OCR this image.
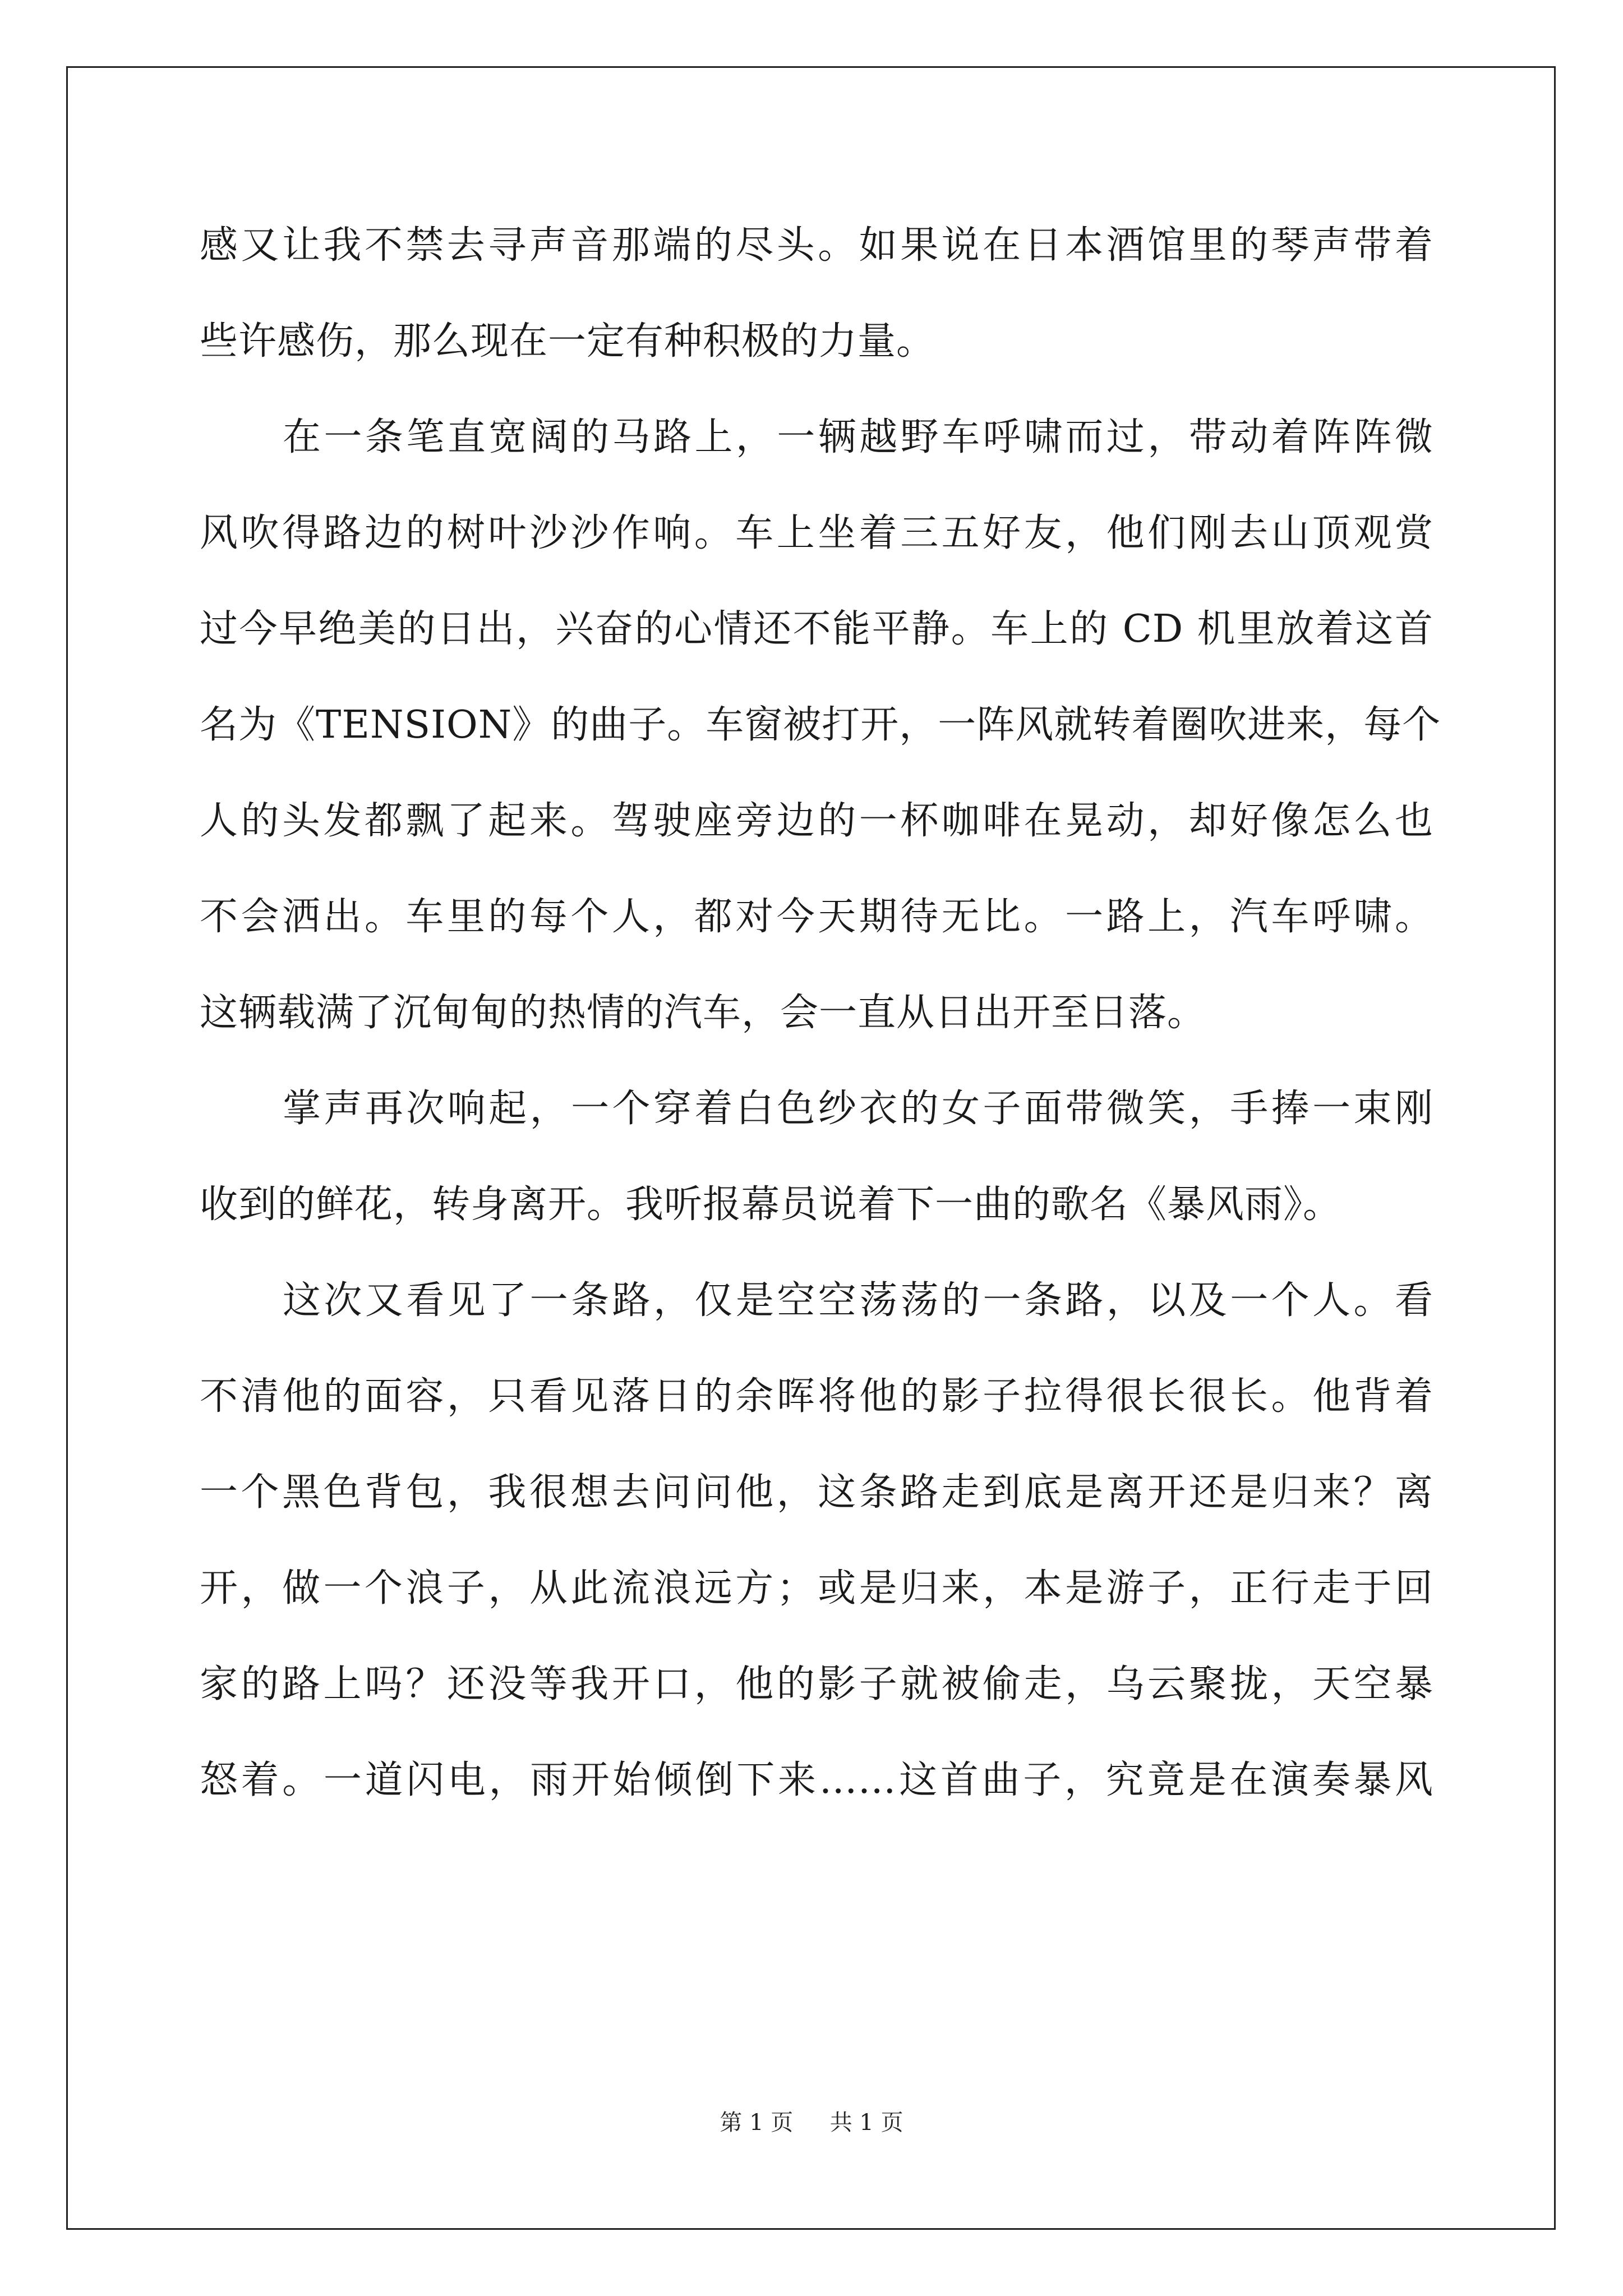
感又让我不禁去寻声音那端的尽头。如果说在日本酒馆里的琴声带着
些许感伤，那么现在一定有种积极的力量。
在一条笔直宽阔的马路上，一辆越野车呼啸而过，带动着阵阵微
风吹得路边的树叶沙沙作响。车上坐着三五好友，他们刚去山顶观赏
过今早绝美的日出，兴奋的心情还不能平静。车上的 CD 机里放着这首
名为《TENSION》的曲子。车窗被打开，一阵风就转着圈吹进来，每个
人的头发都飘了起来。驾驶座旁边的一杯咖啡在晃动，却好像怎么也
不会洒出。车里的每个人，都对今天期待无比。一路上，汽车呼啸。
这辆载满了沉甸甸的热情的汽车，会一直从日出开至日落。
掌声再次响起，一个穿着白色纱衣的女子面带微笑，手捧一束刚
收到的鲜花，转身离开。我听报幕员说着下一曲的歌名《暴风雨》。
这次又看见了一条路，仅是空空荡荡的一条路，以及一个人。看
不清他的面容，只看见落日的余晖将他的影子拉得很长很长。他背着
一个黑色背包，我很想去问问他，这条路走到底是离开还是归来？离
开，做一个浪子，从此流浪远方；或是归来，本是游子，正行走于回
家的路上吗？还没等我开口，他的影子就被偷走，乌云聚拢，天空暴
怒着。一道闪电，雨开始倾倒下来……这首曲子，究竟是在演奏暴风
第 1 页 共 1 页
